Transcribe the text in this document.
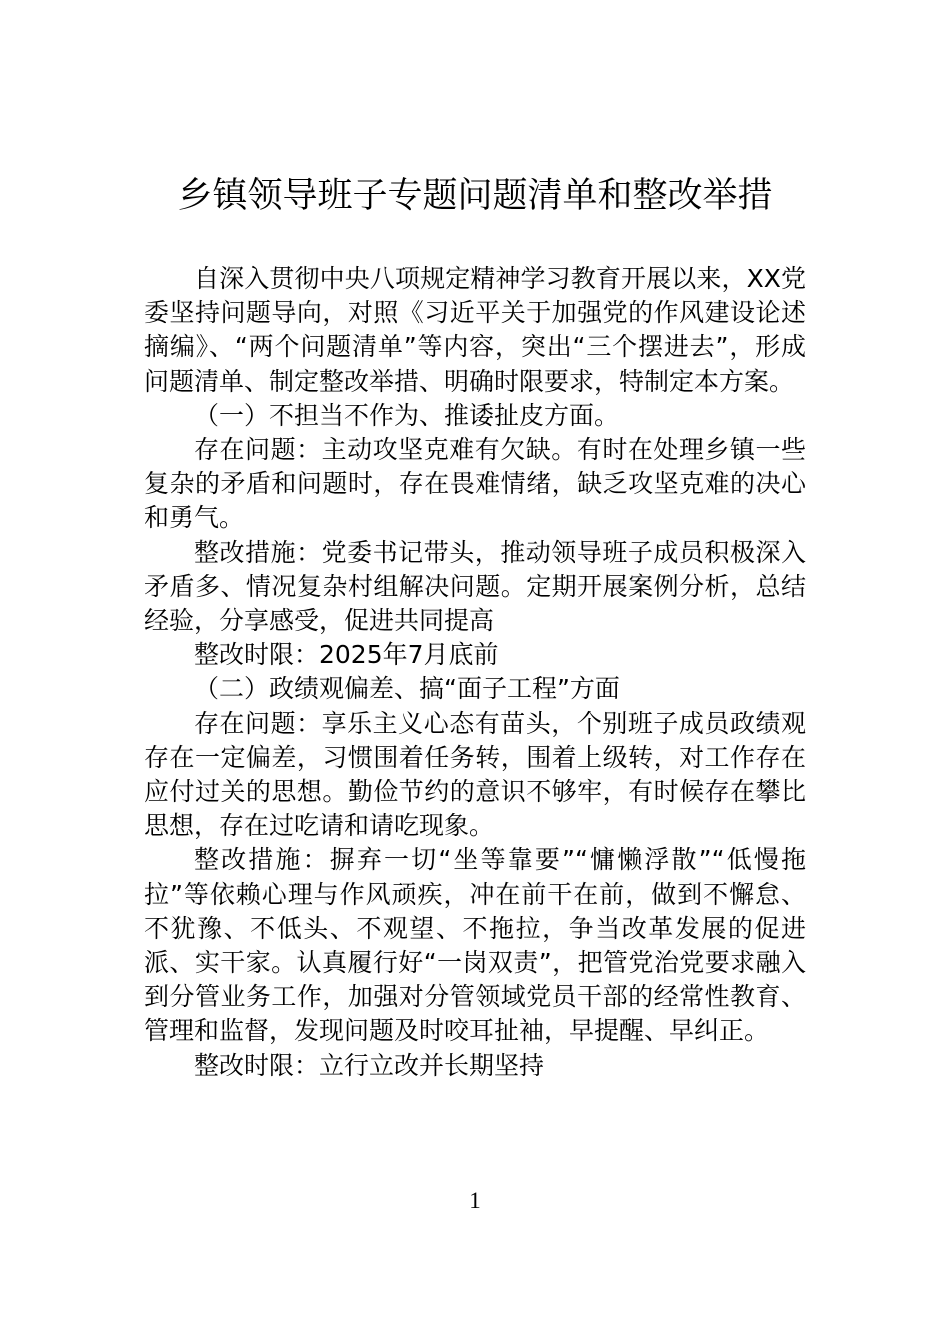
乡镇领导班子专题问题清单和整改举措

自深入贯彻中央八项规定精神学习教育开展以来，XX党委坚持问题导向，对照《习近平关于加强党的作风建设论述摘编》、“两个问题清单”等内容，突出“三个摆进去”，形成问题清单、制定整改举措、明确时限要求，特制定本方案。

（一）不担当不作为、推诿扯皮方面。

存在问题：主动攻坚克难有欠缺。有时在处理乡镇一些复杂的矛盾和问题时，存在畏难情绪，缺乏攻坚克难的决心和勇气。

整改措施：党委书记带头，推动领导班子成员积极深入矛盾多、情况复杂村组解决问题。定期开展案例分析，总结经验，分享感受，促进共同提高

整改时限：2025年7月底前

（二）政绩观偏差、搞“面子工程”方面

存在问题：享乐主义心态有苗头，个别班子成员政绩观存在一定偏差，习惯围着任务转，围着上级转，对工作存在应付过关的思想。勤俭节约的意识不够牢，有时候存在攀比思想，存在过吃请和请吃现象。

整改措施：摒弃一切“坐等靠要”“慵懒浮散”“低慢拖拉”等依赖心理与作风顽疾，冲在前干在前，做到不懈怠、不犹豫、不低头、不观望、不拖拉，争当改革发展的促进派、实干家。认真履行好“一岗双责”，把管党治党要求融入到分管业务工作，加强对分管领域党员干部的经常性教育、管理和监督，发现问题及时咬耳扯袖，早提醒、早纠正。

整改时限：立行立改并长期坚持

1
